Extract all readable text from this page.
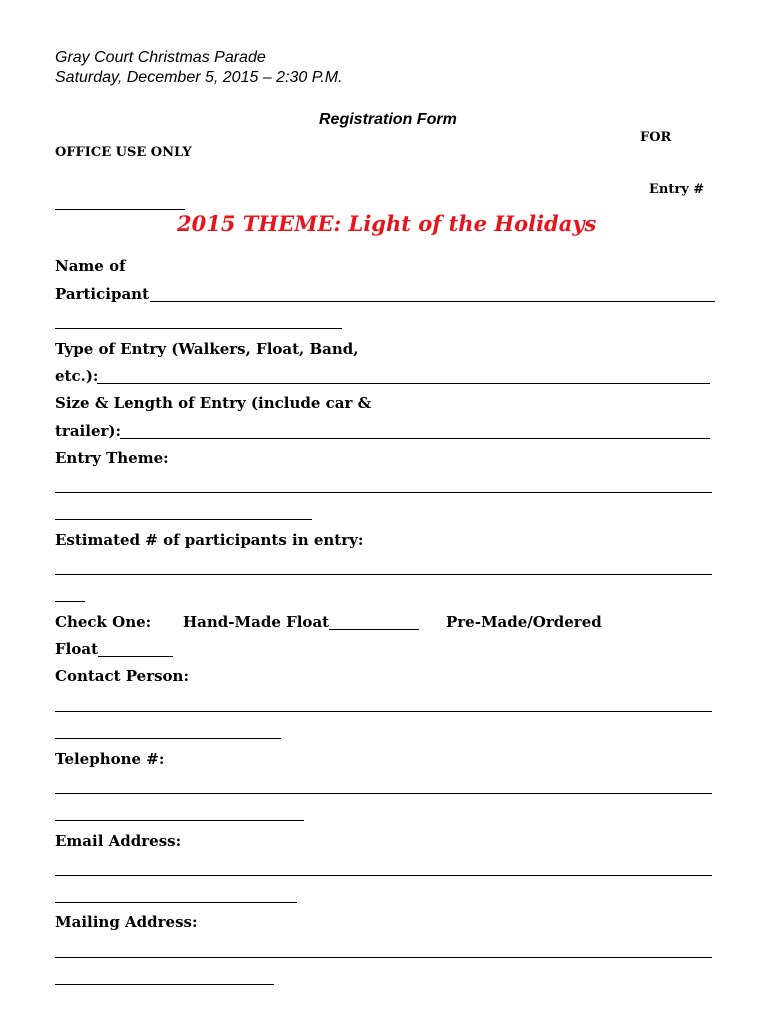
Gray Court Christmas Parade
Saturday, December 5, 2015 – 2:30 P.M.
Registration Form
FOR
OFFICE USE ONLY
Entry #
2015 THEME: Light of the Holidays
Name of
Participant
Type of Entry (Walkers, Float, Band,
etc.):
Size & Length of Entry (include car &
trailer):
Entry Theme:
Estimated # of participants in entry:
Check One: Hand-Made Float	Pre-Made/Ordered
Float
Contact Person:
Telephone #:
Email Address:
Mailing Address:
